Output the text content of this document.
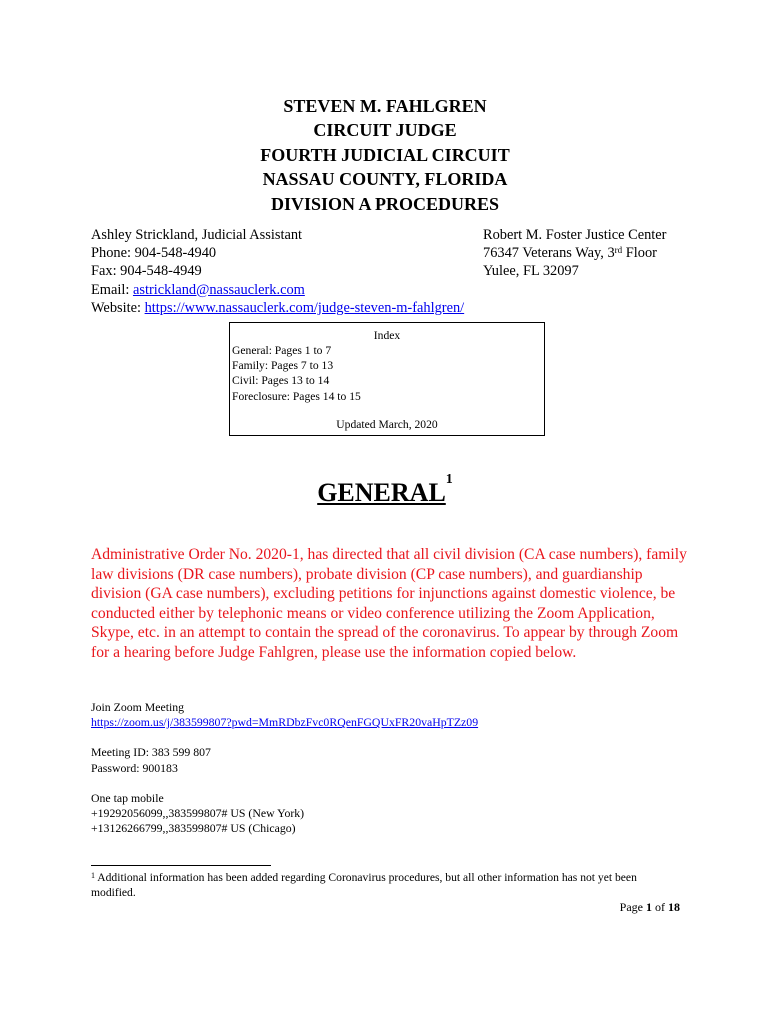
STEVEN M. FAHLGREN
CIRCUIT JUDGE
FOURTH JUDICIAL CIRCUIT
NASSAU COUNTY, FLORIDA
DIVISION A PROCEDURES
Ashley Strickland, Judicial Assistant
Phone: 904-548-4940
Fax: 904-548-4949
Email: astrickland@nassauclerk.com
Website: https://www.nassauclerk.com/judge-steven-m-fahlgren/
Robert M. Foster Justice Center
76347 Veterans Way, 3rd Floor
Yulee, FL 32097
Index
General: Pages 1 to 7
Family: Pages 7 to 13
Civil: Pages 13 to 14
Foreclosure: Pages 14 to 15
Updated March, 2020
GENERAL$^1$
Administrative Order No. 2020-1, has directed that all civil division (CA case numbers), family law divisions (DR case numbers), probate division (CP case numbers), and guardianship division (GA case numbers), excluding petitions for injunctions against domestic violence, be conducted either by telephonic means or video conference utilizing the Zoom Application, Skype, etc. in an attempt to contain the spread of the coronavirus. To appear by through Zoom for a hearing before Judge Fahlgren, please use the information copied below.
Join Zoom Meeting
https://zoom.us/j/383599807?pwd=MmRDbzFvc0RQenFGQUxFR20vaHpTZz09
Meeting ID: 383 599 807
Password: 900183
One tap mobile
+19292056099,,383599807# US (New York)
+13126266799,,383599807# US (Chicago)
$^1$ Additional information has been added regarding Coronavirus procedures, but all other information has not yet been modified.
Page 1 of 18
